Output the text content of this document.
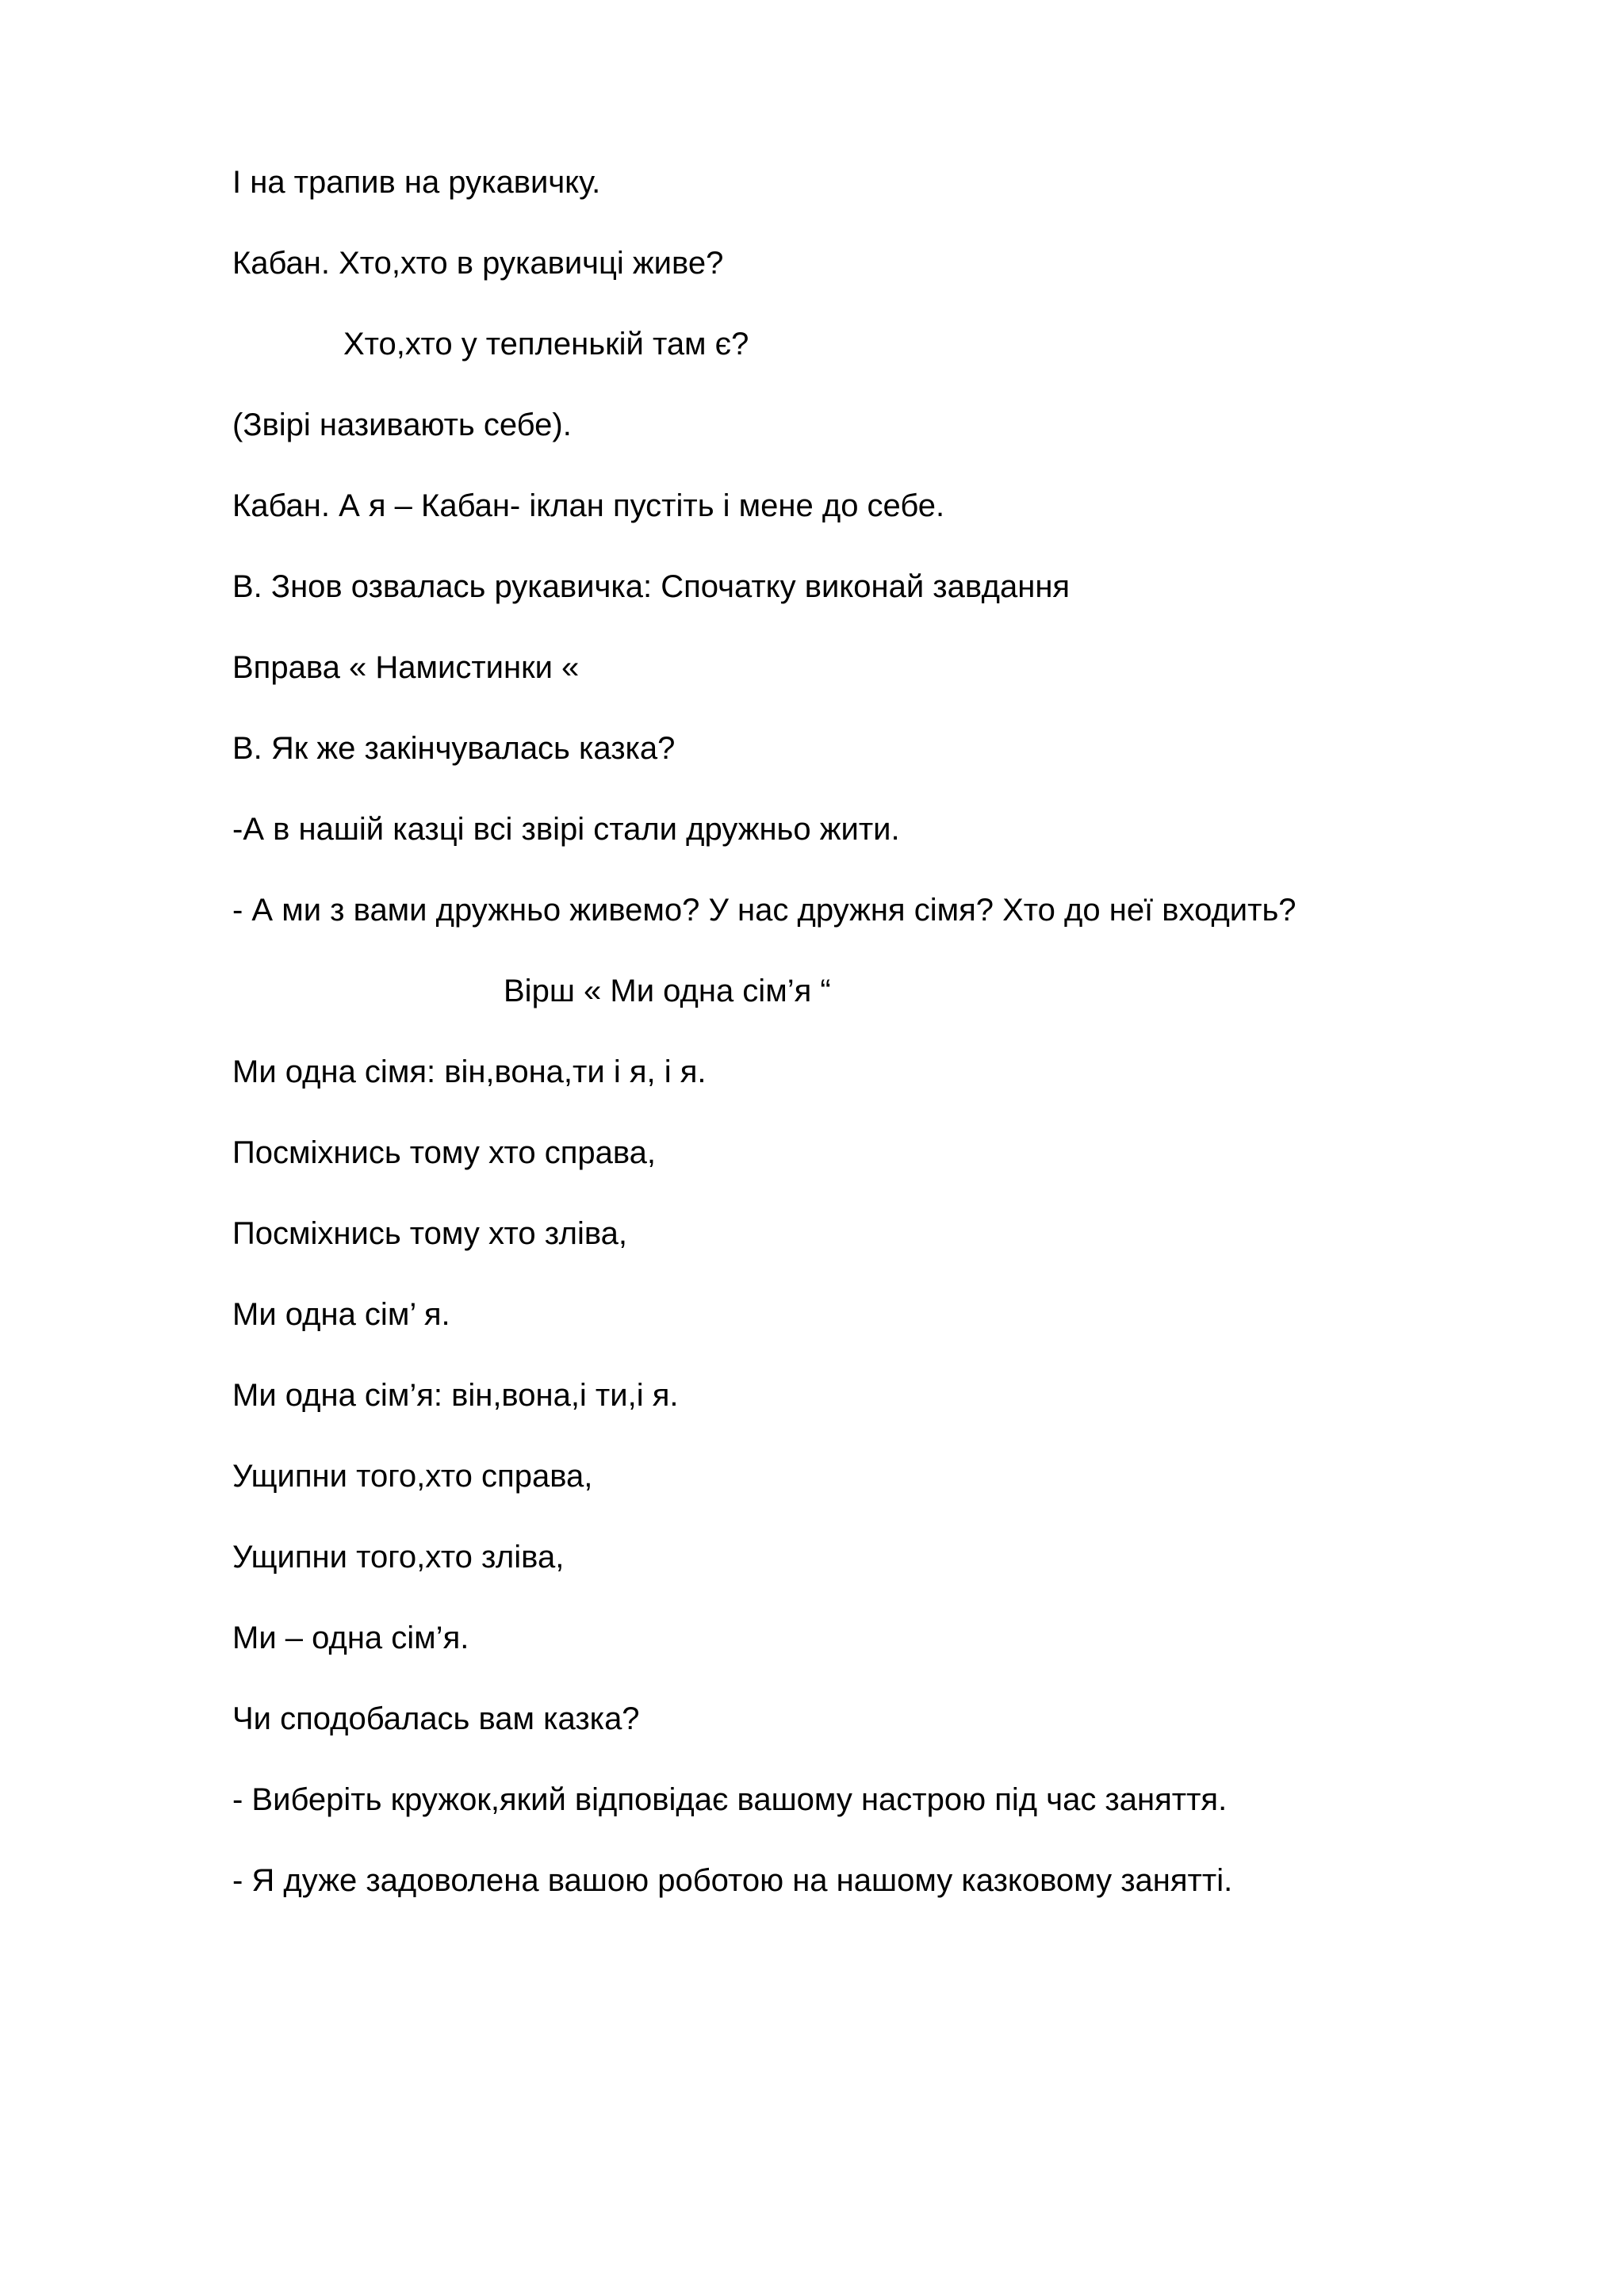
І на трапив на рукавичку.

Кабан. Хто,хто в рукавичці живе?

Хто,хто у тепленькій там є?

(Звірі називають себе).

Кабан. А я – Кабан- іклан пустіть і мене до себе.

В. Знов озвалась рукавичка: Спочатку виконай завдання

Вправа « Намистинки «

В. Як же закінчувалась казка?

-А в нашій казці всі звірі стали дружньо жити.

- А ми з вами дружньо живемо? У нас дружня сімя? Хто до неї входить?

Вірш « Ми одна сім’я “

Ми одна сімя: він,вона,ти і я, і я.

Посміхнись тому хто справа,

Посміхнись тому хто зліва,

Ми одна сім’ я.

Ми одна сім’я: він,вона,і ти,і я.

Ущипни того,хто справа,

Ущипни того,хто зліва,

Ми – одна сім’я.

Чи сподобалась вам казка?

- Виберіть кружок,який відповідає вашому настрою під час заняття.

- Я дуже задоволена вашою роботою на нашому казковому занятті.
